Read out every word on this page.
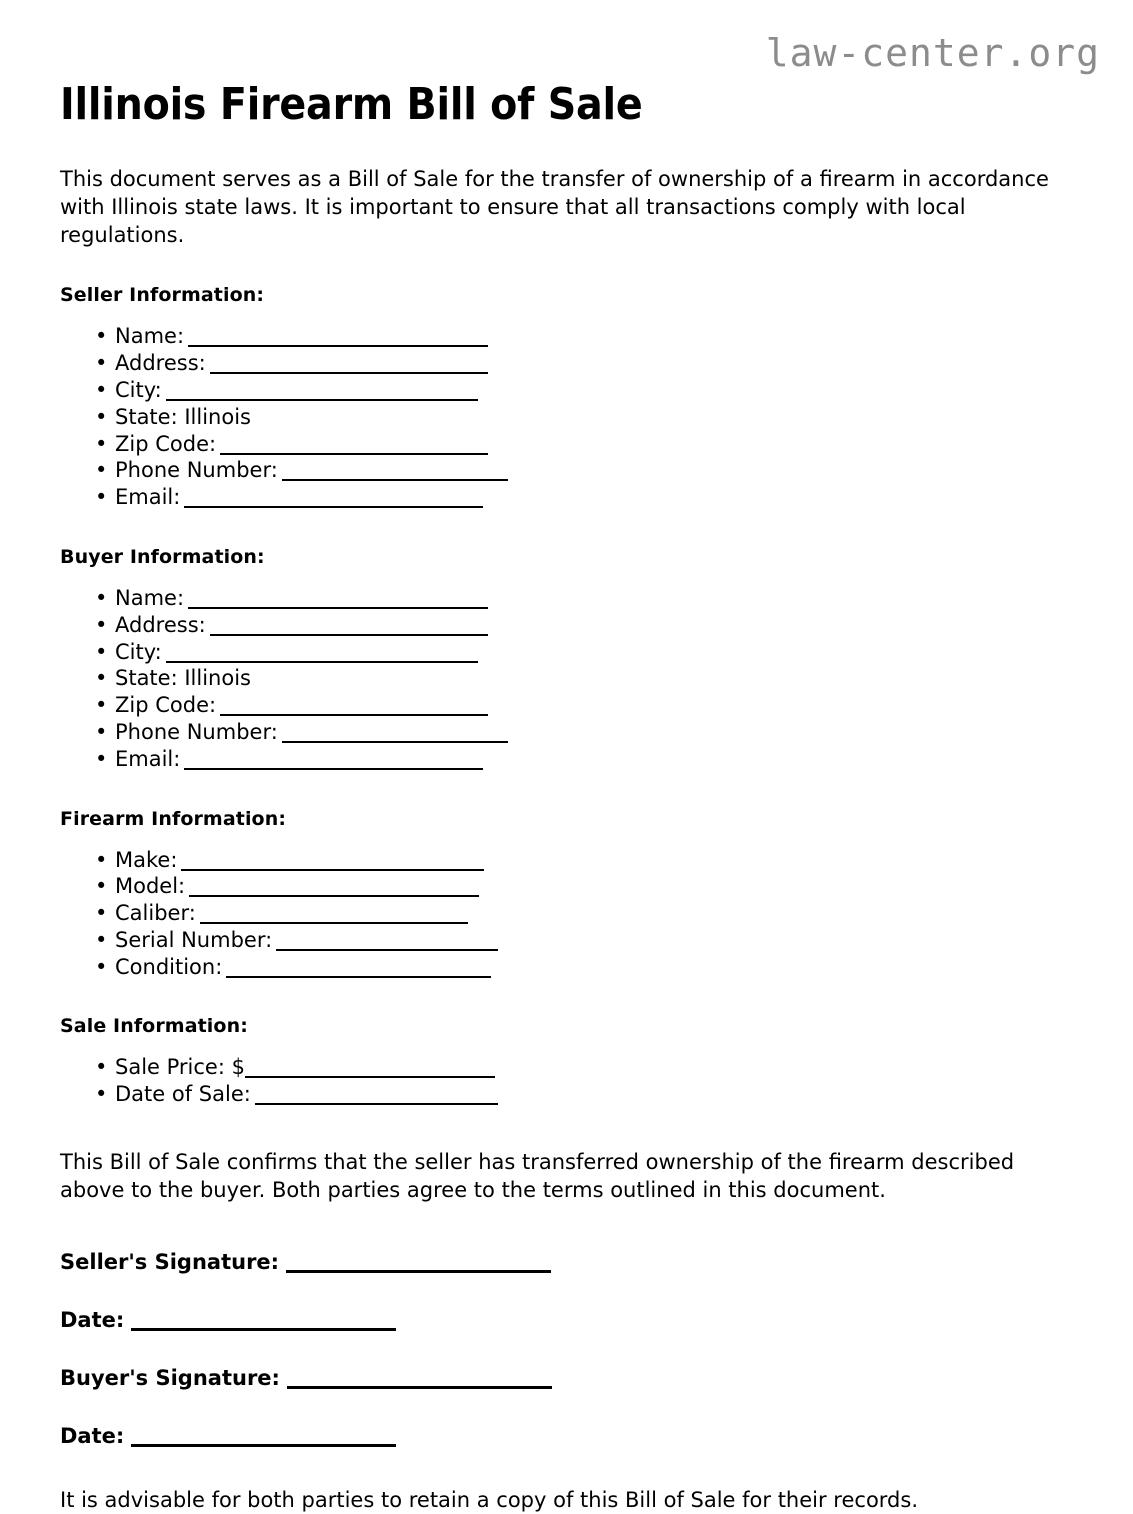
law-center.org
Illinois Firearm Bill of Sale

This document serves as a Bill of Sale for the transfer of ownership of a firearm in accordance with Illinois state laws. It is important to ensure that all transactions comply with local regulations.

Seller Information:
• Name:
• Address:
• City:
• State: Illinois
• Zip Code:
• Phone Number:
• Email:
Buyer Information:
• Name:
• Address:
• City:
• State: Illinois
• Zip Code:
• Phone Number:
• Email:
Firearm Information:
• Make:
• Model:
• Caliber:
• Serial Number:
• Condition:
Sale Information:
• Sale Price: $
• Date of Sale:

This Bill of Sale confirms that the seller has transferred ownership of the firearm described above to the buyer. Both parties agree to the terms outlined in this document.

Seller's Signature:
Date:
Buyer's Signature:
Date:

It is advisable for both parties to retain a copy of this Bill of Sale for their records.
